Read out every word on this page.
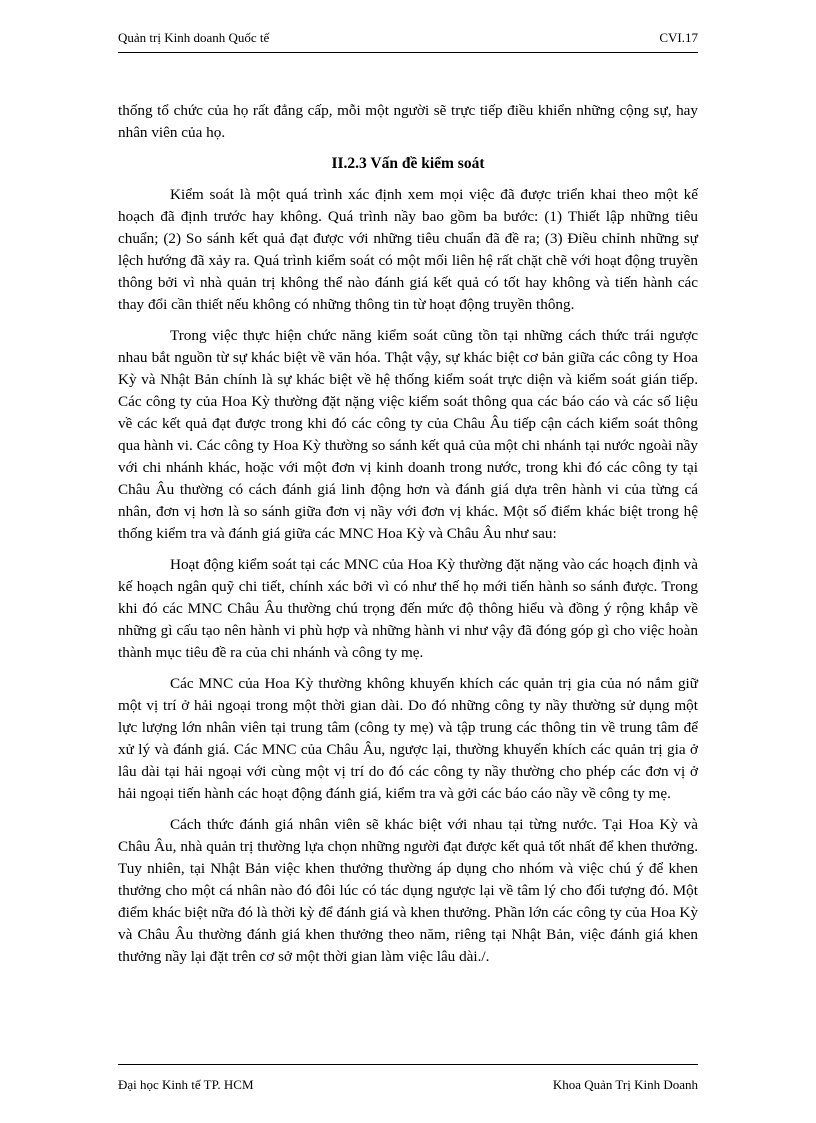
Quản trị Kinh doanh Quốc tế	CVI.17

thống tổ chức của họ rất đẳng cấp, mỗi một người sẽ trực tiếp điều khiển những cộng sự, hay nhân viên của họ.

II.2.3 Vấn đề kiểm soát

Kiểm soát là một quá trình xác định xem mọi việc đã được triển khai theo một kế hoạch đã định trước hay không. Quá trình nầy bao gồm ba bước: (1) Thiết lập những tiêu chuẩn; (2) So sánh kết quả đạt được với những tiêu chuẩn đã đề ra; (3) Điều chỉnh những sự lệch hướng đã xảy ra. Quá trình kiểm soát có một mối liên hệ rất chặt chẽ với hoạt động truyền thông bởi vì nhà quản trị không thể nào đánh giá kết quả có tốt hay không và tiến hành các thay đổi cần thiết nếu không có những thông tin từ hoạt động truyền thông.

Trong việc thực hiện chức năng kiểm soát cũng tồn tại những cách thức trái ngược nhau bắt nguồn từ sự khác biệt về văn hóa. Thật vậy, sự khác biệt cơ bản giữa các công ty Hoa Kỳ và Nhật Bản chính là sự khác biệt về hệ thống kiểm soát trực diện và kiểm soát gián tiếp. Các công ty của Hoa Kỳ thường đặt nặng việc kiểm soát thông qua các báo cáo và các số liệu về các kết quả đạt được trong khi đó các công ty của Châu Âu tiếp cận cách kiểm soát thông qua hành vi. Các công ty Hoa Kỳ thường so sánh kết quả của một chi nhánh tại nước ngoài nầy với chi nhánh khác, hoặc với một đơn vị kinh doanh trong nước, trong khi đó các công ty tại Châu Âu thường có cách đánh giá linh động hơn và đánh giá dựa trên hành vi của từng cá nhân, đơn vị hơn là so sánh giữa đơn vị nầy với đơn vị khác. Một số điểm khác biệt trong hệ thống kiểm tra và đánh giá giữa các MNC Hoa Kỳ và Châu Âu như sau:

Hoạt động kiểm soát tại các MNC của Hoa Kỳ thường đặt nặng vào các hoạch định và kế hoạch ngân quỹ chi tiết, chính xác bởi vì có như thế họ mới tiến hành so sánh được. Trong khi đó các MNC Châu Âu thường chú trọng đến mức độ thông hiểu và đồng ý rộng khắp về những gì cấu tạo nên hành vi phù hợp và những hành vi như vậy đã đóng góp gì cho việc hoàn thành mục tiêu đề ra của chi nhánh và công ty mẹ.

Các MNC của Hoa Kỳ thường không khuyến khích các quản trị gia của nó nắm giữ một vị trí ở hải ngoại trong một thời gian dài. Do đó những công ty nầy thường sử dụng một lực lượng lớn nhân viên tại trung tâm (công ty mẹ) và tập trung các thông tin về trung tâm để xử lý và đánh giá. Các MNC của Châu Âu, ngược lại, thường khuyến khích các quản trị gia ở lâu dài tại hải ngoại với cùng một vị trí do đó các công ty nầy thường cho phép các đơn vị ở hải ngoại tiến hành các hoạt động đánh giá, kiểm tra và gởi các báo cáo nầy về công ty mẹ.

Cách thức đánh giá nhân viên sẽ khác biệt với nhau tại từng nước. Tại Hoa Kỳ và Châu Âu, nhà quản trị thường lựa chọn những người đạt được kết quả tốt nhất để khen thưởng. Tuy nhiên, tại Nhật Bản việc khen thưởng thường áp dụng cho nhóm và việc chú ý để khen thưởng cho một cá nhân nào đó đôi lúc có tác dụng ngược lại về tâm lý cho đối tượng đó. Một điểm khác biệt nữa đó là thời kỳ để đánh giá và khen thưởng. Phần lớn các công ty của Hoa Kỳ và Châu Âu thường đánh giá khen thưởng theo năm, riêng tại Nhật Bản, việc đánh giá khen thưởng nầy lại đặt trên cơ sở một thời gian làm việc lâu dài./.

Đại học Kinh tế TP. HCM	Khoa Quản Trị Kinh Doanh
